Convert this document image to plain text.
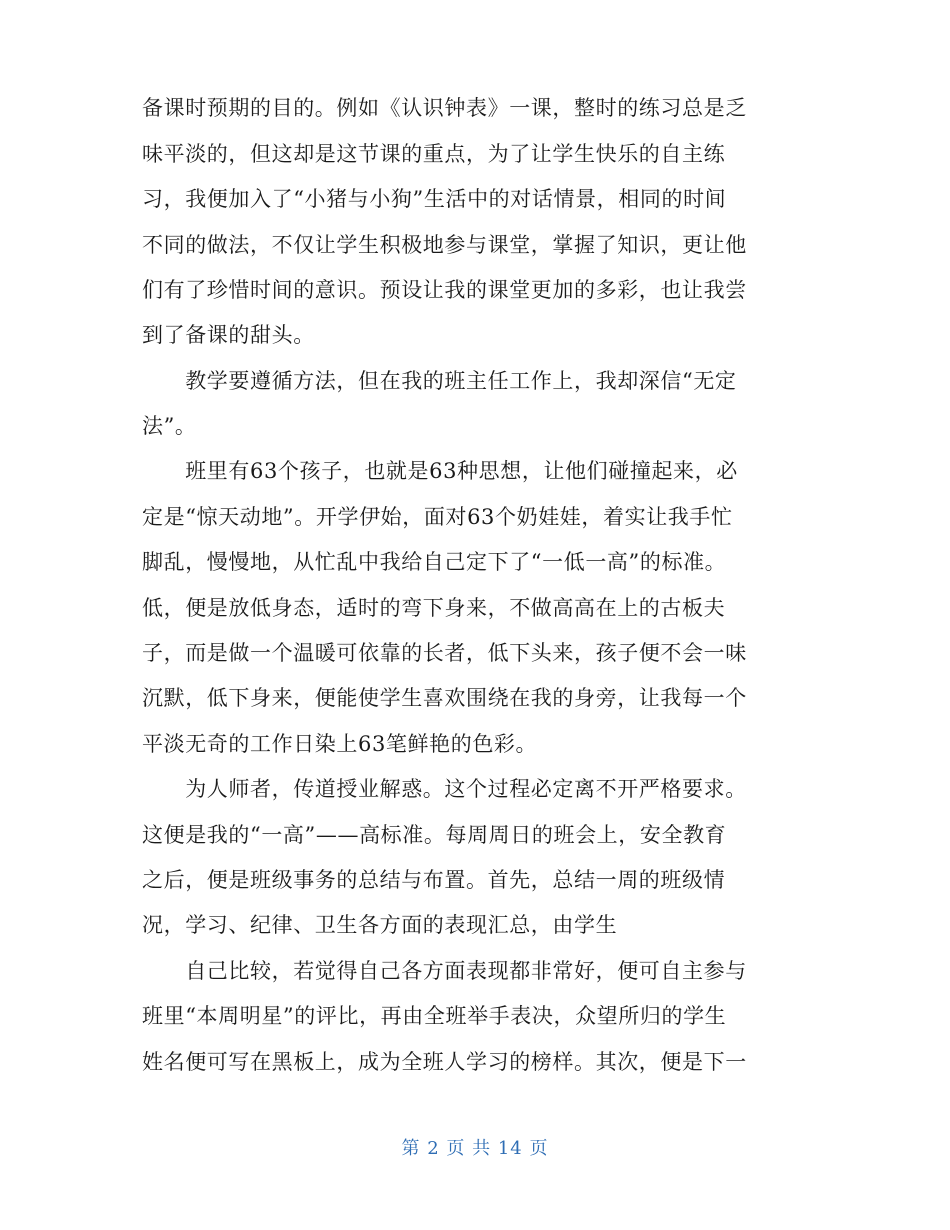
备课时预期的目的。例如《认识钟表》一课，整时的练习总是乏
味平淡的，但这却是这节课的重点，为了让学生快乐的自主练
习，我便加入了“小猪与小狗”生活中的对话情景，相同的时间
不同的做法，不仅让学生积极地参与课堂，掌握了知识，更让他
们有了珍惜时间的意识。预设让我的课堂更加的多彩，也让我尝
到了备课的甜头。
　　教学要遵循方法，但在我的班主任工作上，我却深信“无定
法”。
　　班里有63个孩子，也就是63种思想，让他们碰撞起来，必
定是“惊天动地”。开学伊始，面对63个奶娃娃，着实让我手忙
脚乱，慢慢地，从忙乱中我给自己定下了“一低一高”的标准。
低，便是放低身态，适时的弯下身来，不做高高在上的古板夫
子，而是做一个温暖可依靠的长者，低下头来，孩子便不会一味
沉默，低下身来，便能使学生喜欢围绕在我的身旁，让我每一个
平淡无奇的工作日染上63笔鲜艳的色彩。
　　为人师者，传道授业解惑。这个过程必定离不开严格要求。
这便是我的“一高”——高标准。每周周日的班会上，安全教育
之后，便是班级事务的总结与布置。首先，总结一周的班级情
况，学习、纪律、卫生各方面的表现汇总，由学生
　　自己比较，若觉得自己各方面表现都非常好，便可自主参与
班里“本周明星”的评比，再由全班举手表决，众望所归的学生
姓名便可写在黑板上，成为全班人学习的榜样。其次，便是下一
第 2 页 共 14 页
